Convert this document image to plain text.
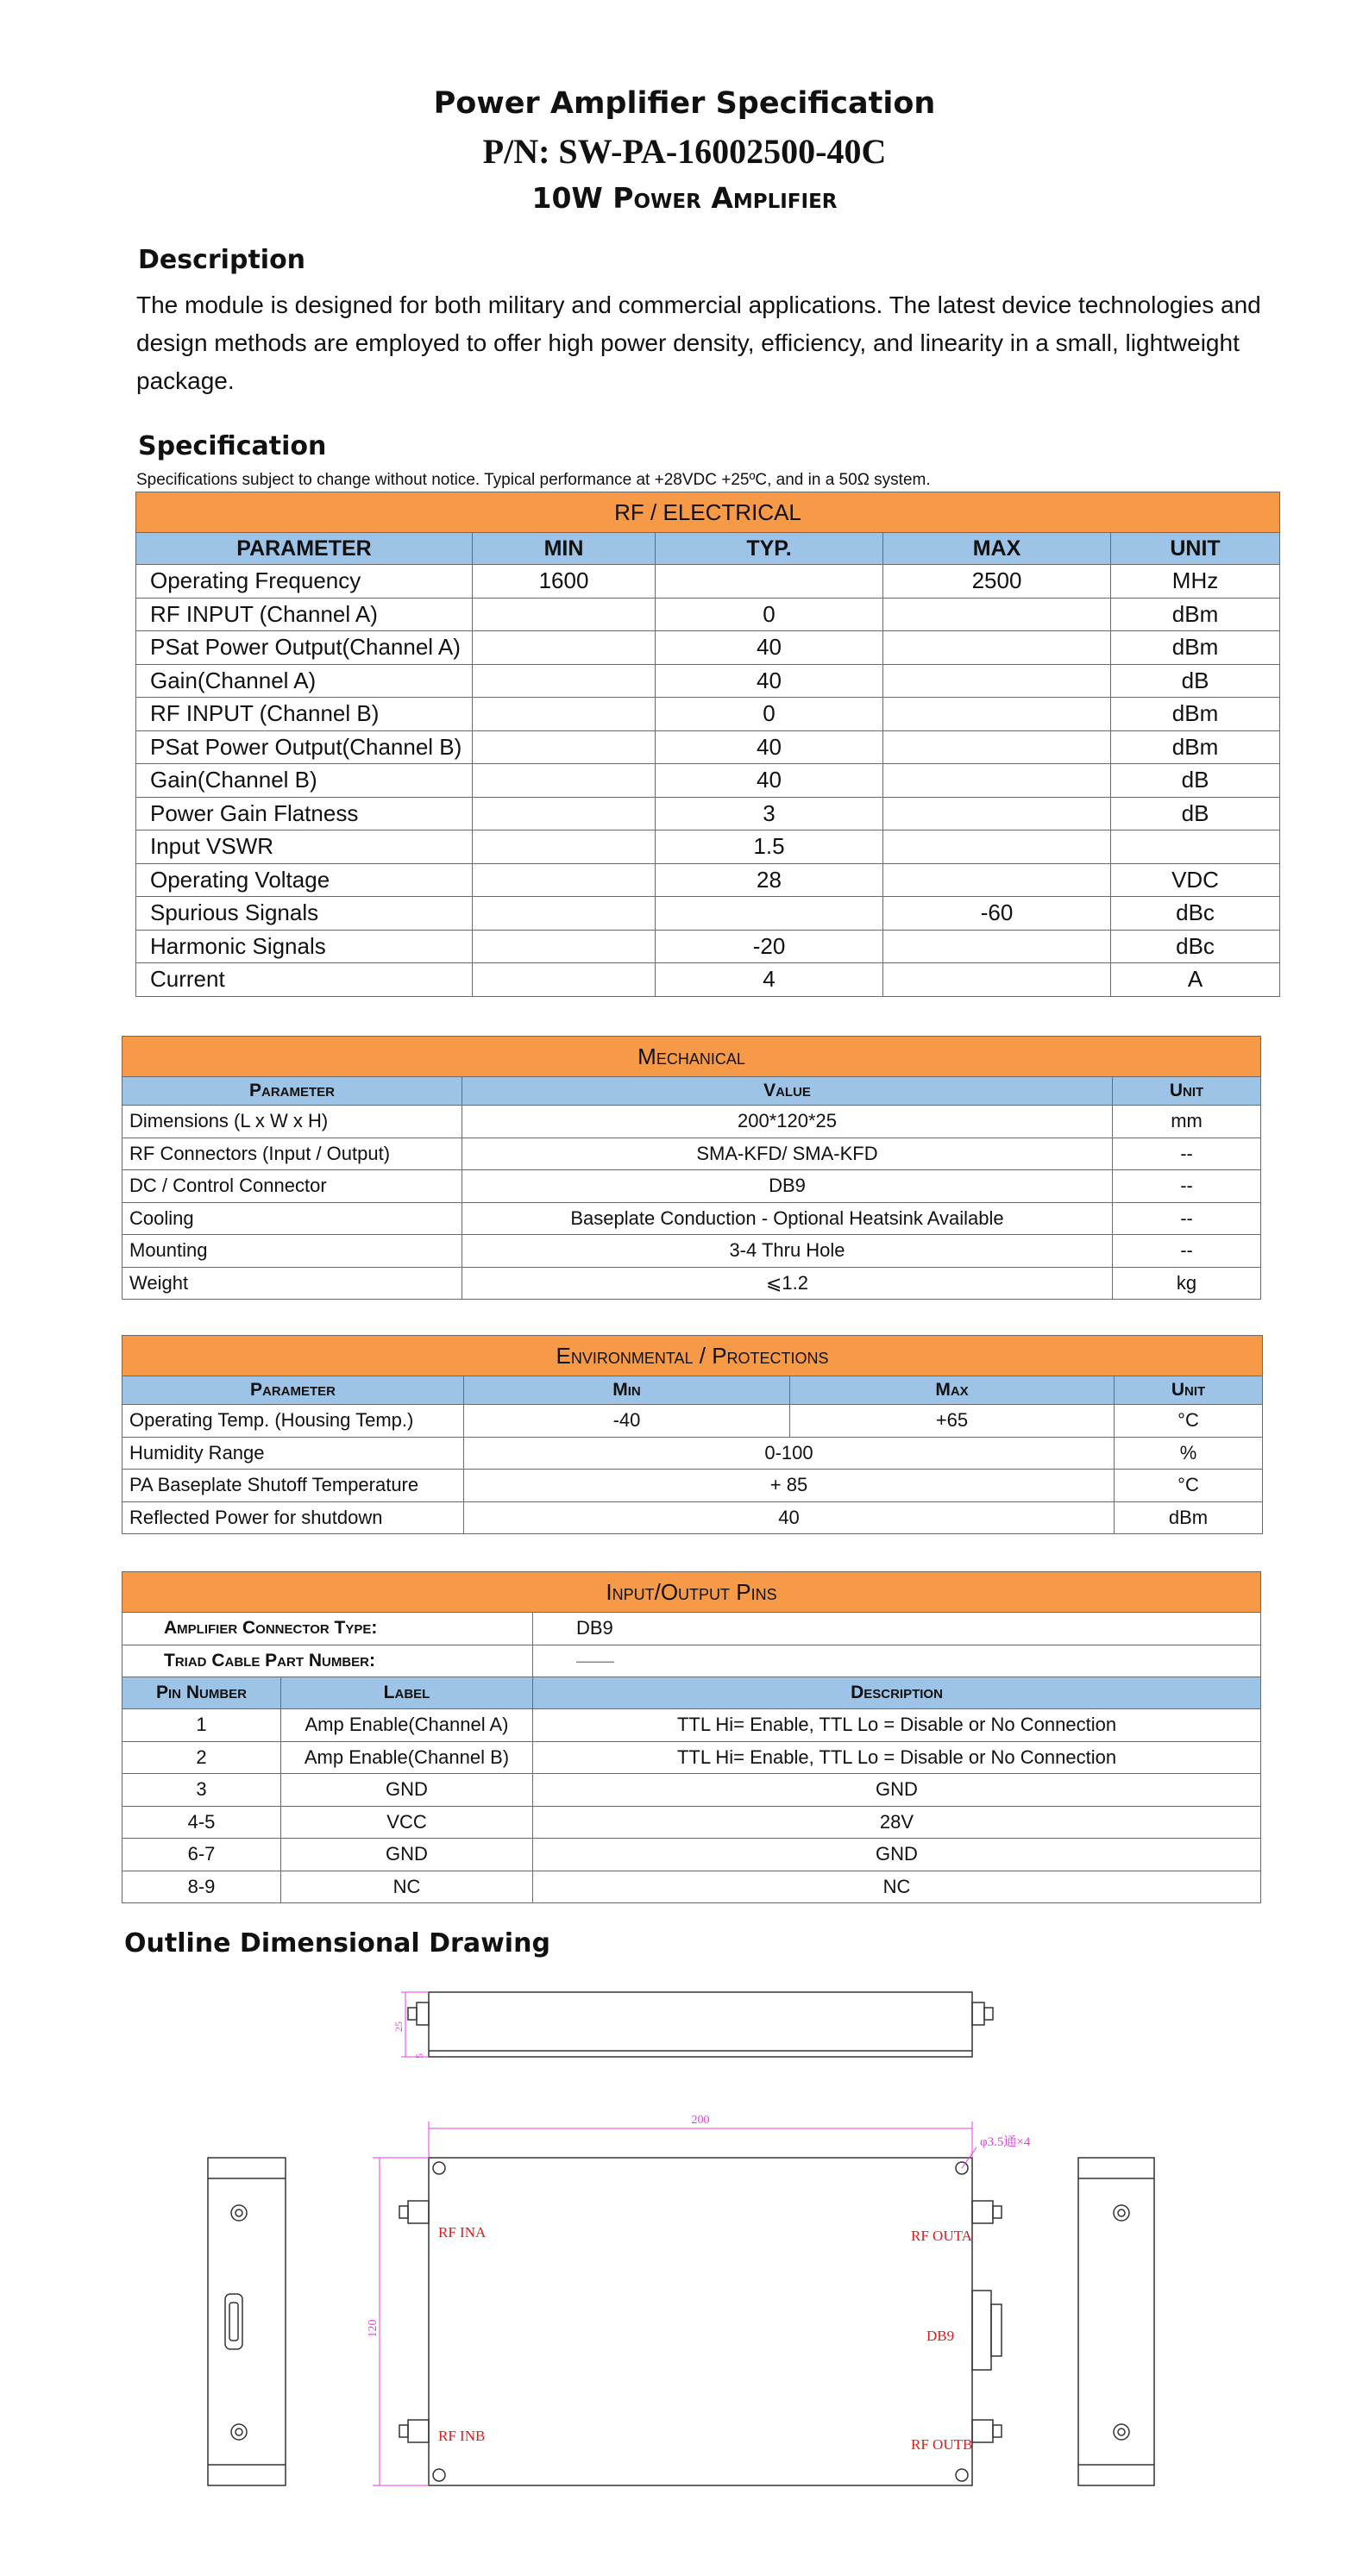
Power Amplifier Specification
P/N: SW-PA-16002500-40C
10W Power Amplifier
Description
The module is designed for both military and commercial applications. The latest device technologies and design methods are employed to offer high power density, efficiency, and linearity in a small, lightweight package.
Specification
Specifications subject to change without notice. Typical performance at +28VDC +25ºC, and in a 50Ω system.
RF / ELECTRICAL				
PARAMETER	MIN	TYP.	MAX	UNIT
Operating Frequency	1600		2500	MHz
RF INPUT (Channel A)		0		dBm
PSat Power Output(Channel A)		40		dBm
Gain(Channel A)		40		dB
RF INPUT (Channel B)		0		dBm
PSat Power Output(Channel B)		40		dBm
Gain(Channel B)		40		dB
Power Gain Flatness		3		dB
Input VSWR		1.5		
Operating Voltage		28		VDC
Spurious Signals			-60	dBc
Harmonic Signals		-20		dBc
Current		4		A
Mechanical		
Parameter	Value	Unit
Dimensions (L x W x H)	200*120*25	mm
RF Connectors (Input / Output)	SMA-KFD/ SMA-KFD	--
DC / Control Connector	DB9	--
Cooling	Baseplate Conduction - Optional Heatsink Available	--
Mounting	3-4 Thru Hole	--
Weight	⩽1.2	kg
Environmental / Protections			
Parameter	Min	Max	Unit
Operating Temp. (Housing Temp.)	-40	+65	°C
Humidity Range	0-100		%
PA Baseplate Shutoff Temperature	+ 85		°C
Reflected Power for shutdown	40		dBm
Input/Output Pins		
Amplifier Connector Type:		DB9
Triad Cable Part Number:		——
Pin Number	Label	Description
1	Amp Enable(Channel A)	TTL Hi= Enable, TTL Lo = Disable or No Connection
2	Amp Enable(Channel B)	TTL Hi= Enable, TTL Lo = Disable or No Connection
3	GND	GND
4-5	VCC	28V
6-7	GND	GND
8-9	NC	NC
Outline Dimensional Drawing
200
120
25
5
φ3.5通×4
RF INA
RF INB
RF OUTA
RF OUTB
DB9
